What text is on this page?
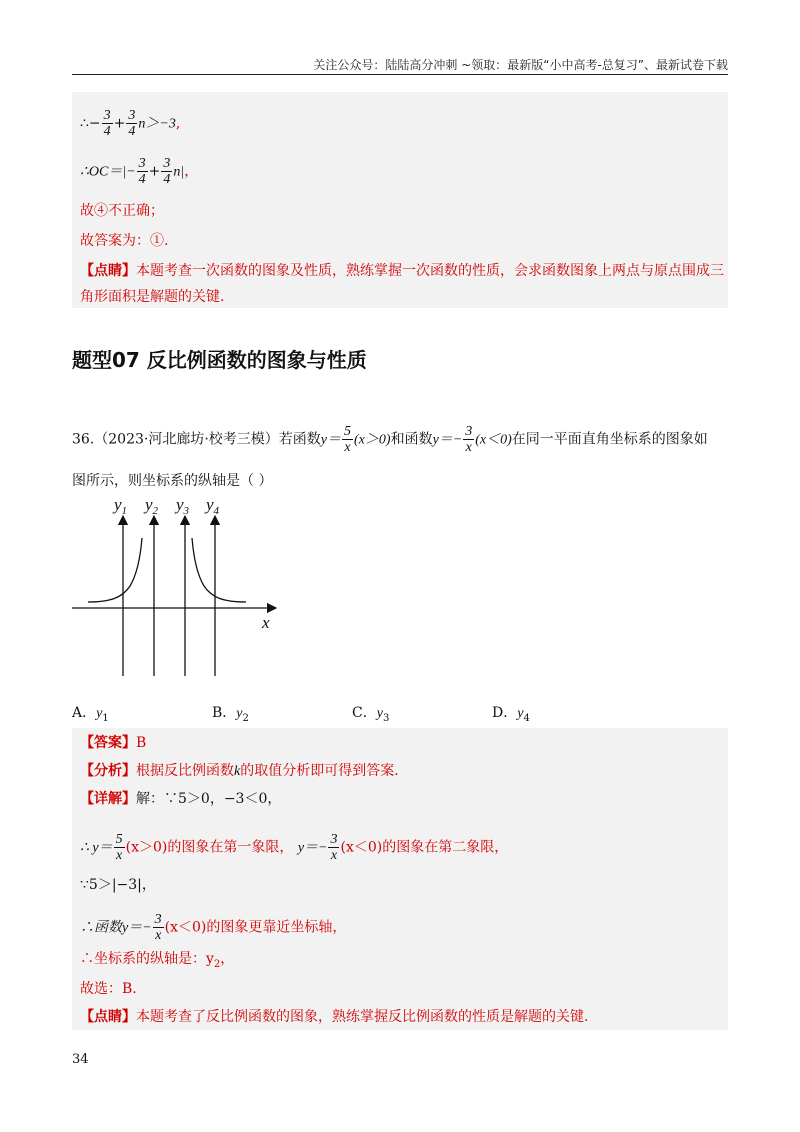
关注公众号：陆陆高分冲刺 ~领取：最新版“小中高考-总复习”、最新试卷下载
∴− $\frac{3}{4} + \frac{3}{4} n>-3$,
∴OC＝|− $\frac{3}{4} + \frac{3}{4} n|$，
故④不正确；
故答案为：①.
【点睛】本题考查一次函数的图象及性质，熟练掌握一次函数的性质，会求函数图象上两点与原点围成三
角形面积是解题的关键.
题型07 反比例函数的图象与性质
36.（2023·河北廊坊·校考三模）若函数$y= \frac{5}{x} (x>0)$和函数$y=- \frac{3}{x} (x<0)$在同一平面直角坐标系的图象如
图所示，则坐标系的纵轴是（ ）
$y_1$ $y_2$ $y_3$ $y_4$
x
A．$y_1$	B．$y_2$	C．$y_3$	D．$y_4$
【答案】B
【分析】根据反比例函数k的取值分析即可得到答案.
【详解】解：∵5＞0，−3＜0，
∴ $y= \frac{5}{x} (x>0)$的图象在第一象限， $y=- \frac{3}{x} (x<0)$的图象在第二象限，
∵5＞|−3|，
∴函数$y=- \frac{3}{x} (x<0)$的图象更靠近坐标轴，
∴坐标系的纵轴是：$y_2$，
故选：B.
【点睛】本题考查了反比例函数的图象，熟练掌握反比例函数的性质是解题的关键.
34
